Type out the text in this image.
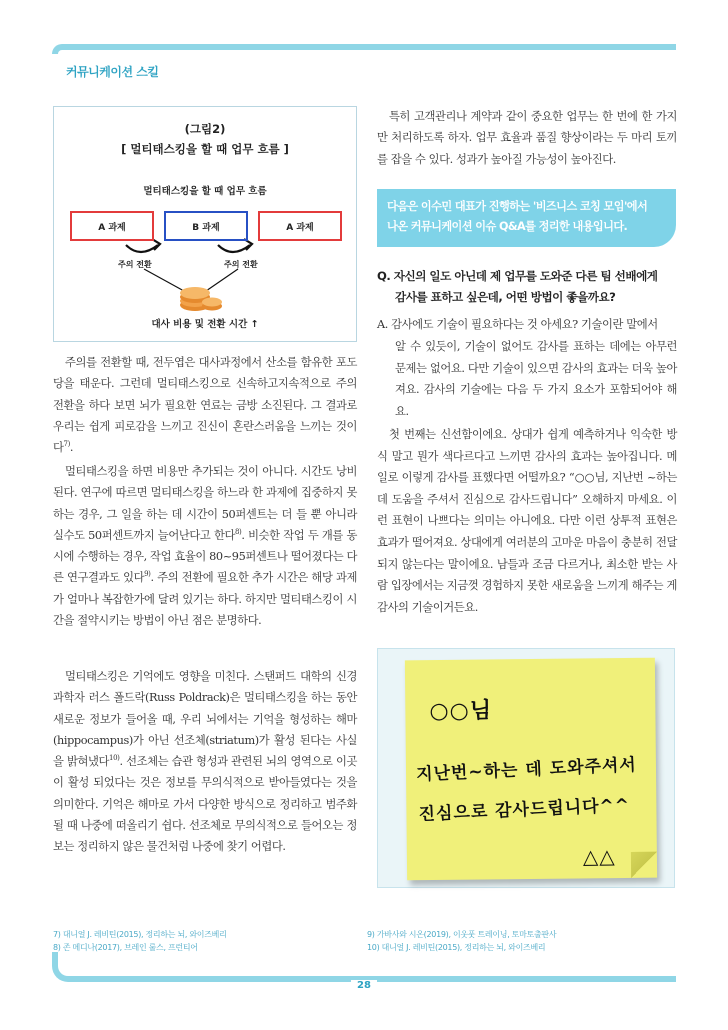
커뮤니케이션 스킬
(그림2)
[ 멀티태스킹을 할 때 업무 흐름 ]
멀티태스킹을 할 때 업무 흐름
A 과제	B 과제	A 과제
주의 전환	주의 전환
대사 비용 및 전환 시간 ↑
주의를 전환할 때, 전두엽은 대사과정에서 산소를 함유한 포도당을 태운다. 그런데 멀티태스킹으로 신속하고지속적으로 주의 전환을 하다 보면 뇌가 필요한 연료는 금방 소진된다. 그 결과로 우리는 쉽게 피로감을 느끼고 진신이 혼란스러움을 느끼는 것이다$^{7)}$.
멀티태스킹을 하면 비용만 추가되는 것이 아니다. 시간도 낭비된다. 연구에 따르면 멀티태스킹을 하느라 한 과제에 집중하지 못하는 경우, 그 일을 하는 데 시간이 50퍼센트는 더 들 뿐 아니라 실수도 50퍼센트까지 늘어난다고 한다$^{8)}$. 비슷한 작업 두 개를 동시에 수행하는 경우, 작업 효율이 80~95퍼센트나 떨어졌다는 다른 연구결과도 있다$^{9)}$. 주의 전환에 필요한 추가 시간은 해당 과제가 얼마나 복잡한가에 달려 있기는 하다. 하지만 멀티태스킹이 시간을 절약시키는 방법이 아닌 점은 분명하다.
멀티태스킹은 기억에도 영향을 미친다. 스탠퍼드 대학의 신경과학자 러스 폴드락(Russ Poldrack)은 멀티태스킹을 하는 동안 새로운 정보가 들어올 때, 우리 뇌에서는 기억을 형성하는 해마(hippocampus)가 아닌 선조체(striatum)가 활성 된다는 사실을 밝혀냈다$^{10)}$. 선조체는 습관 형성과 관련된 뇌의 영역으로 이곳이 활성 되었다는 것은 정보를 무의식적으로 받아들였다는 것을 의미한다. 기억은 해마로 가서 다양한 방식으로 정리하고 범주화될 때 나중에 떠올리기 쉽다. 선조체로 무의식적으로 들어오는 정보는 정리하지 않은 물건처럼 나중에 찾기 어렵다.
특히 고객관리나 계약과 같이 중요한 업무는 한 번에 한 가지만 처리하도록 하자. 업무 효율과 품질 향상이라는 두 마리 토끼를 잡을 수 있다. 성과가 높아질 가능성이 높아진다.
다음은 이수민 대표가 진행하는 '비즈니스 코칭 모임'에서
나온 커뮤니케이션 이슈 Q&A를 정리한 내용입니다.
Q. 자신의 일도 아닌데 제 업무를 도와준 다른 팀 선배에게
감사를 표하고 싶은데, 어떤 방법이 좋을까요?
A. 감사에도 기술이 필요하다는 것 아세요? 기술이란 말에서
알 수 있듯이, 기술이 없어도 감사를 표하는 데에는 아무런 문제는 없어요. 다만 기술이 있으면 감사의 효과는 더욱 높아져요. 감사의 기술에는 다음 두 가지 요소가 포함되어야 해요.
첫 번째는 신선함이에요. 상대가 쉽게 예측하거나 익숙한 방식 말고 뭔가 색다르다고 느끼면 감사의 효과는 높아집니다. 메일로 이렇게 감사를 표했다면 어떨까요? “○○님, 지난번 ~하는 데 도움을 주셔서 진심으로 감사드립니다” 오해하지 마세요. 이런 표현이 나쁘다는 의미는 아니에요. 다만 이런 상투적 표현은 효과가 떨어져요. 상대에게 여러분의 고마운 마음이 충분히 전달되지 않는다는 말이에요. 남들과 조금 다르거나, 최소한 받는 사람 입장에서는 지금껏 경험하지 못한 새로움을 느끼게 해주는 게 감사의 기술이거든요.
○○님
지난번~하는 데 도와주셔서
진심으로 감사드립니다^^
△△
7) 대니얼 J. 레비틴(2015), 정리하는 뇌, 와이즈베리
8) 존 메디나(2017), 브레인 룰스, 프런티어
9) 가바사와 시온(2019), 이웃풋 트레이닝, 토마토출판사
10) 대니얼 J. 레비틴(2015), 정리하는 뇌, 와이즈베리
28
